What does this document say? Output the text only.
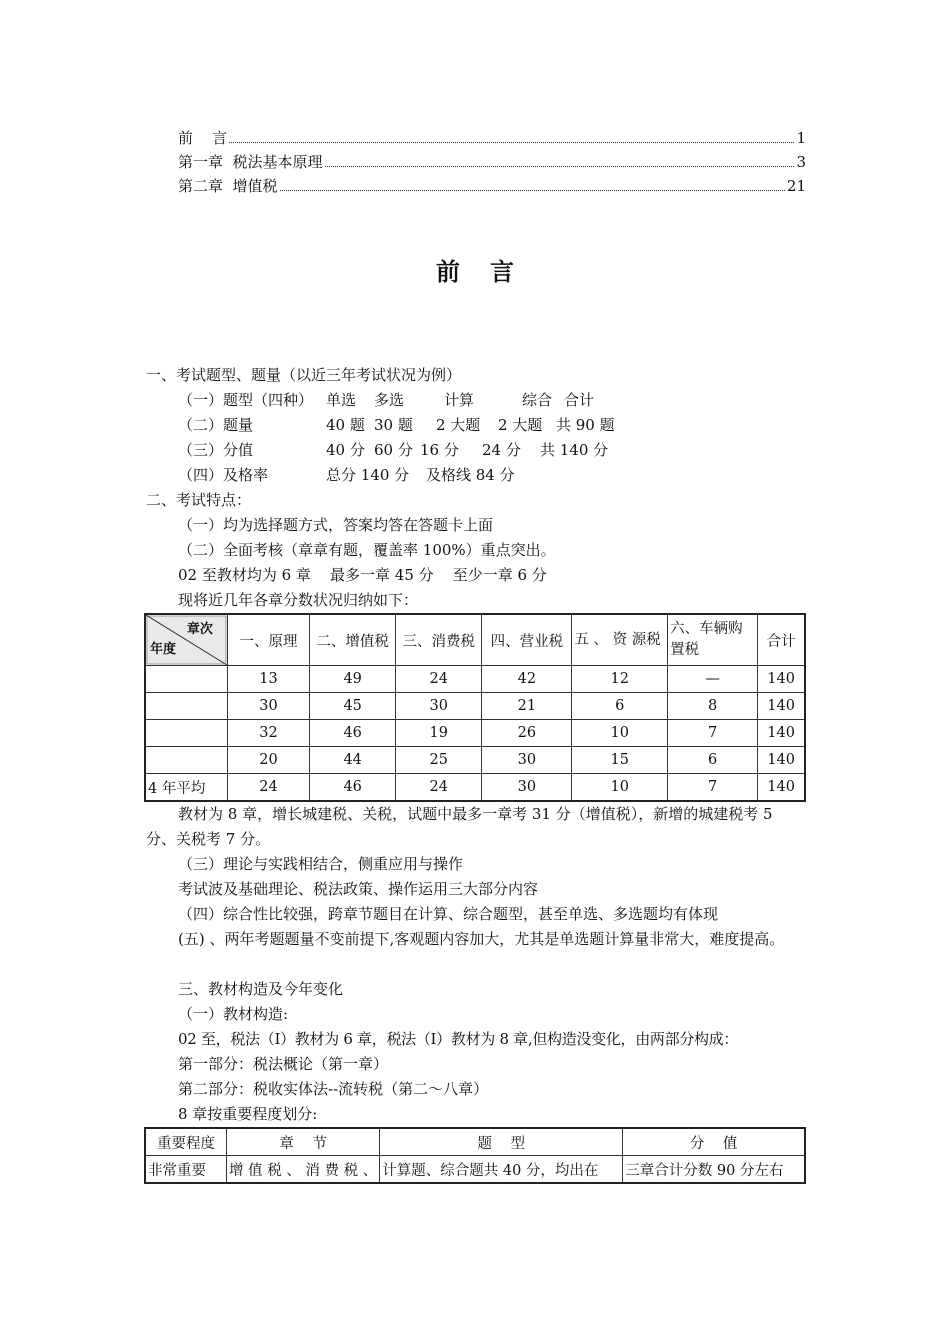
前    言	1
第一章  税法基本原理	3
第二章  增值税	21
前言
一、考试题型、题量（以近三年考试状况为例）
（一）题型（四种） 单选 多选	计算	综合 合计
（二）题量	40 题 30 题 2 大题 2 大题 共 90 题
（三）分值	40 分 60 分 16 分 24 分 共 140 分
（四）及格率	总分 140 分 及格线 84 分
二、考试特点：
（一）均为选择题方式，答案均答在答题卡上面
（二）全面考核（章章有题，覆盖率 100%）重点突出。
02 至教材均为 6 章    最多一章 45 分    至少一章 6 分
现将近几年各章分数状况归纳如下：
章次
年度	一、原理	二、增值税	三、消费税	四、营业税	五 、 资 源税	六、车辆购置税	合计
	13	49	24	42	12	—	140
	30	45	30	21	6	8	140
	32	46	19	26	10	7	140
	20	44	25	30	15	6	140
4 年平均	24	46	24	30	10	7	140
教材为 8 章，增长城建税、关税，试题中最多一章考 31 分（增值税），新增的城建税考 5 分、关税考 7 分。
（三）理论与实践相结合，侧重应用与操作
考试波及基础理论、税法政策、操作运用三大部分内容
（四）综合性比较强，跨章节题目在计算、综合题型，甚至单选、多选题均有体现
(五) 、两年考题题量不变前提下,客观题内容加大，尤其是单选题计算量非常大，难度提高。
三、教材构造及今年变化
（一）教材构造:
02 至，税法（Ⅰ）教材为 6 章，税法（Ⅰ）教材为 8 章,但构造没变化，由两部分构成：
第一部分：税法概论（第一章）
第二部分：税收实体法--流转税（第二～八章）
8 章按重要程度划分:
重要程度	章    节	题    型	分    值
非常重要	增 值 税 、 消 费 税 、	计算题、综合题共 40 分，均出在	三章合计分数 90 分左右
